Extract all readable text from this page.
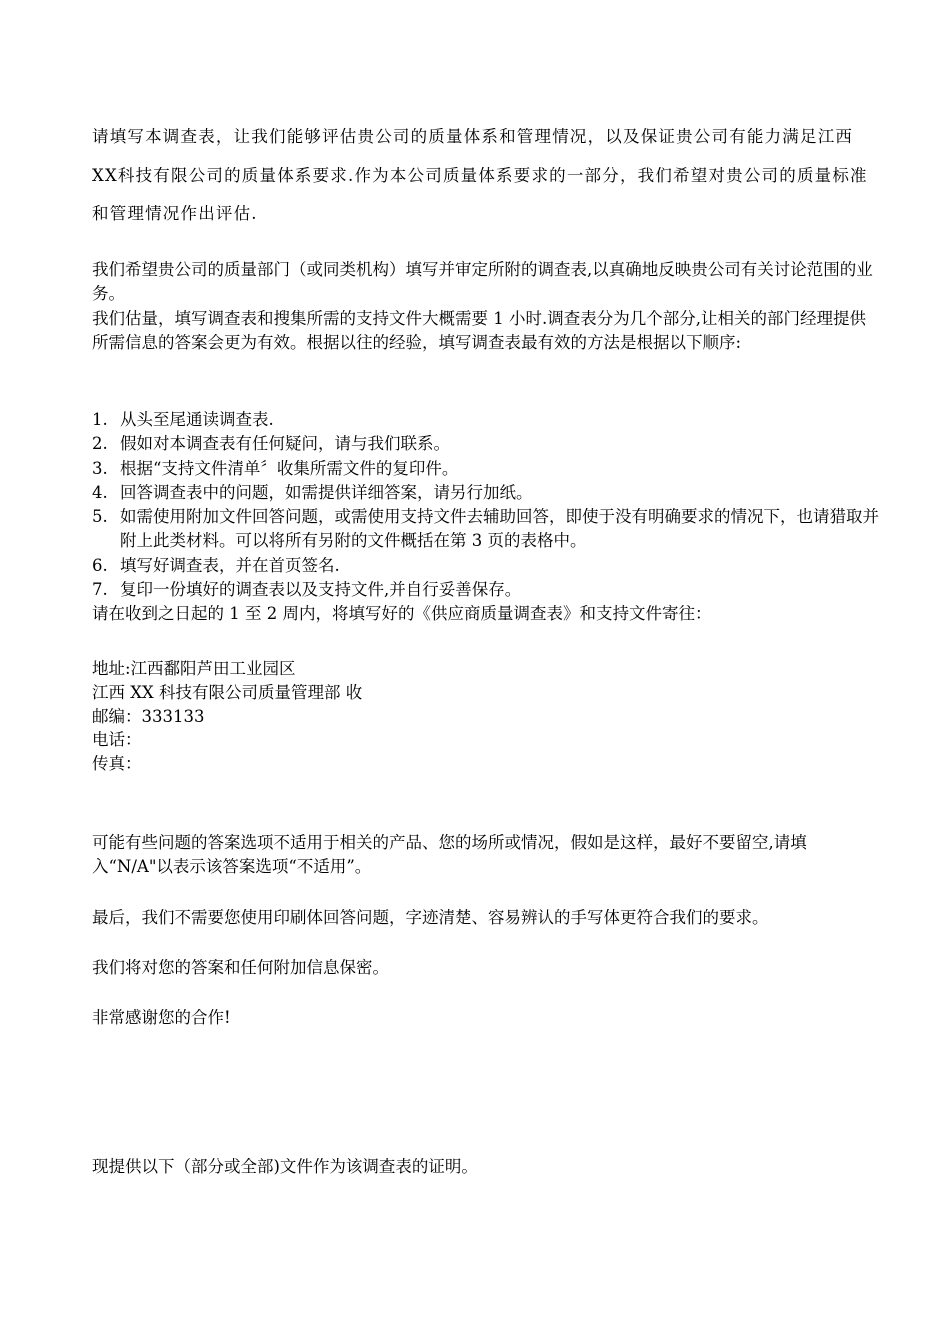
请填写本调查表，让我们能够评估贵公司的质量体系和管理情况，以及保证贵公司有能力满足江西XX科技有限公司的质量体系要求.作为本公司质量体系要求的一部分，我们希望对贵公司的质量标准和管理情况作出评估.

我们希望贵公司的质量部门（或同类机构）填写并审定所附的调查表,以真确地反映贵公司有关讨论范围的业务。

我们估量，填写调查表和搜集所需的支持文件大概需要 1 小时.调查表分为几个部分,让相关的部门经理提供所需信息的答案会更为有效。根据以往的经验，填写调查表最有效的方法是根据以下顺序:

1. 从头至尾通读调查表.
2. 假如对本调查表有任何疑问，请与我们联系。
3. 根据“支持文件清单〞收集所需文件的复印件。
4. 回答调查表中的问题，如需提供详细答案，请另行加纸。
5. 如需使用附加文件回答问题，或需使用支持文件去辅助回答，即使于没有明确要求的情况下，也请猎取并附上此类材料。可以将所有另附的文件概括在第 3 页的表格中。
6. 填写好调查表，并在首页签名.
7. 复印一份填好的调查表以及支持文件,并自行妥善保存。

请在收到之日起的 1 至 2 周内，将填写好的《供应商质量调查表》和支持文件寄往：

地址:江西鄱阳芦田工业园区

江西 XX 科技有限公司质量管理部 收

邮编：333133

电话：

传真：

可能有些问题的答案选项不适用于相关的产品、您的场所或情况，假如是这样，最好不要留空,请填入“N/A"以表示该答案选项“不适用”。

最后，我们不需要您使用印刷体回答问题，字迹清楚、容易辨认的手写体更符合我们的要求。

我们将对您的答案和任何附加信息保密。

非常感谢您的合作!

现提供以下（部分或全部)文件作为该调查表的证明。
